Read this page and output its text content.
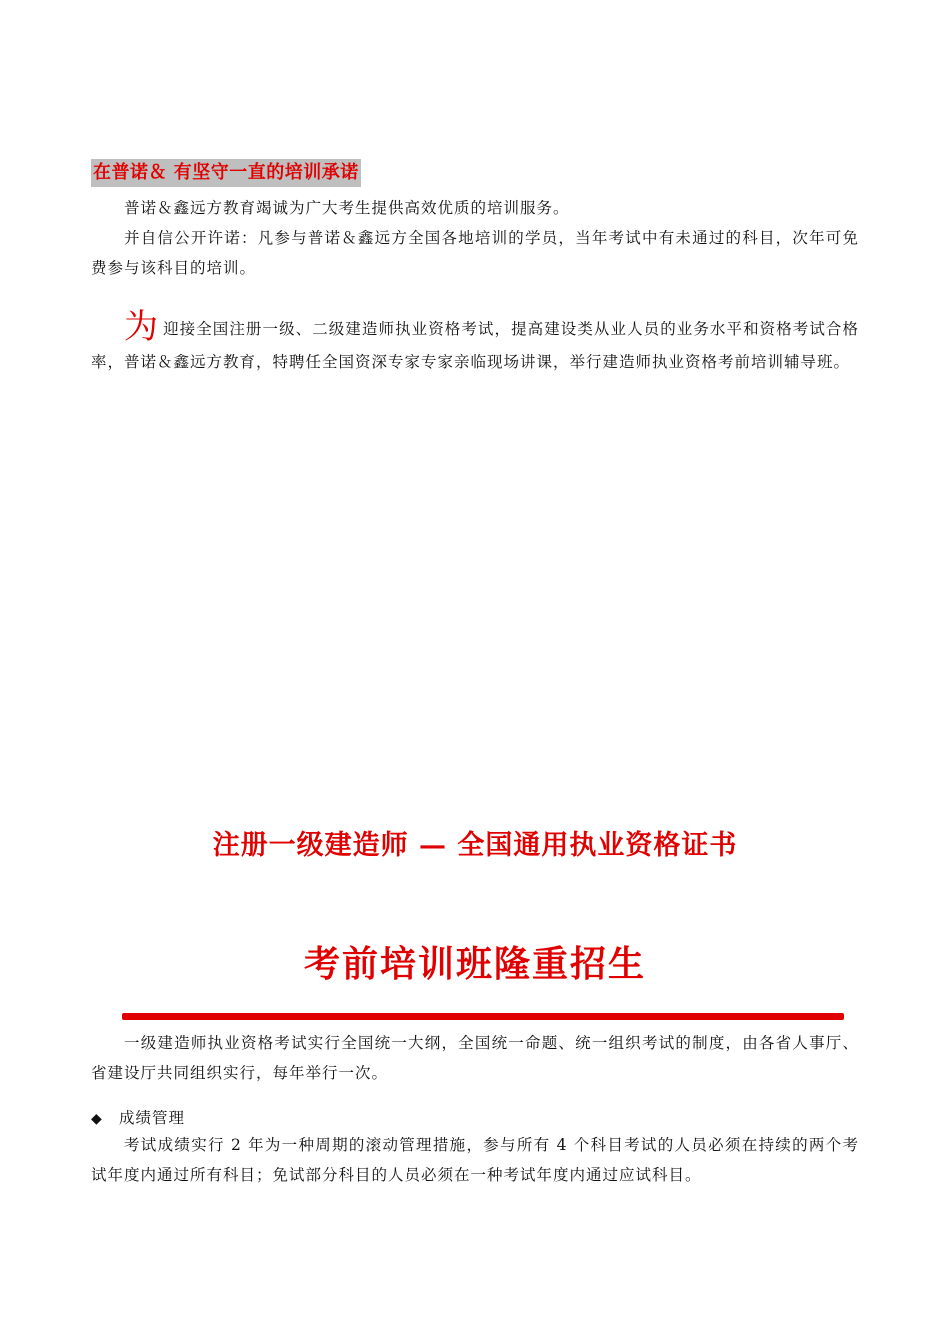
在普诺＆ 有坚守一直的培训承诺

普诺＆鑫远方教育竭诚为广大考生提供高效优质的培训服务。

并自信公开许诺：凡参与普诺＆鑫远方全国各地培训的学员，当年考试中有未通过的科目，次年可免费参与该科目的培训。

为迎接全国注册一级、二级建造师执业资格考试，提高建设类从业人员的业务水平和资格考试合格率，普诺＆鑫远方教育，特聘任全国资深专家专家亲临现场讲课，举行建造师执业资格考前培训辅导班。

注册一级建造师 — 全国通用执业资格证书
考前培训班隆重招生

一级建造师执业资格考试实行全国统一大纲，全国统一命题、统一组织考试的制度，由各省人事厅、省建设厅共同组织实行，每年举行一次。

◆ 成绩管理

考试成绩实行 2 年为一种周期的滚动管理措施，参与所有 4 个科目考试的人员必须在持续的两个考试年度内通过所有科目；免试部分科目的人员必须在一种考试年度内通过应试科目。
